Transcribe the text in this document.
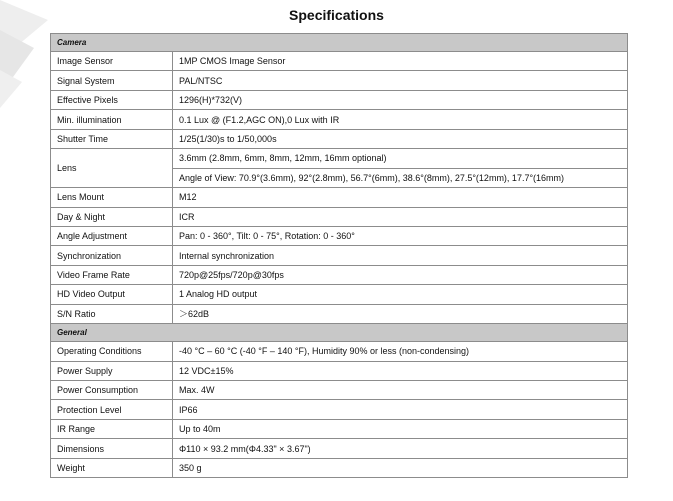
Specifications
Camera	
Image Sensor	1MP CMOS Image Sensor
Signal System	PAL/NTSC
Effective Pixels	1296(H)*732(V)
Min. illumination	0.1 Lux @ (F1.2,AGC ON),0 Lux with IR
Shutter Time	1/25(1/30)s to 1/50,000s
Lens	3.6mm (2.8mm, 6mm, 8mm, 12mm, 16mm optional)
	Angle of View: 70.9°(3.6mm), 92°(2.8mm), 56.7°(6mm), 38.6°(8mm), 27.5°(12mm), 17.7°(16mm)
Lens Mount	M12
Day & Night	ICR
Angle Adjustment	Pan: 0 - 360°, Tilt: 0 - 75°, Rotation: 0 - 360°
Synchronization	Internal synchronization
Video Frame Rate	720p@25fps/720p@30fps
HD Video Output	1 Analog HD output
S/N Ratio	＞62dB
General	
Operating Conditions	-40 °C – 60 °C (-40 °F – 140 °F), Humidity 90% or less (non-condensing)
Power Supply	12 VDC±15%
Power Consumption	Max. 4W
Protection Level	IP66
IR Range	Up to 40m
Dimensions	Φ110 × 93.2 mm(Φ4.33" × 3.67")
Weight	350 g
